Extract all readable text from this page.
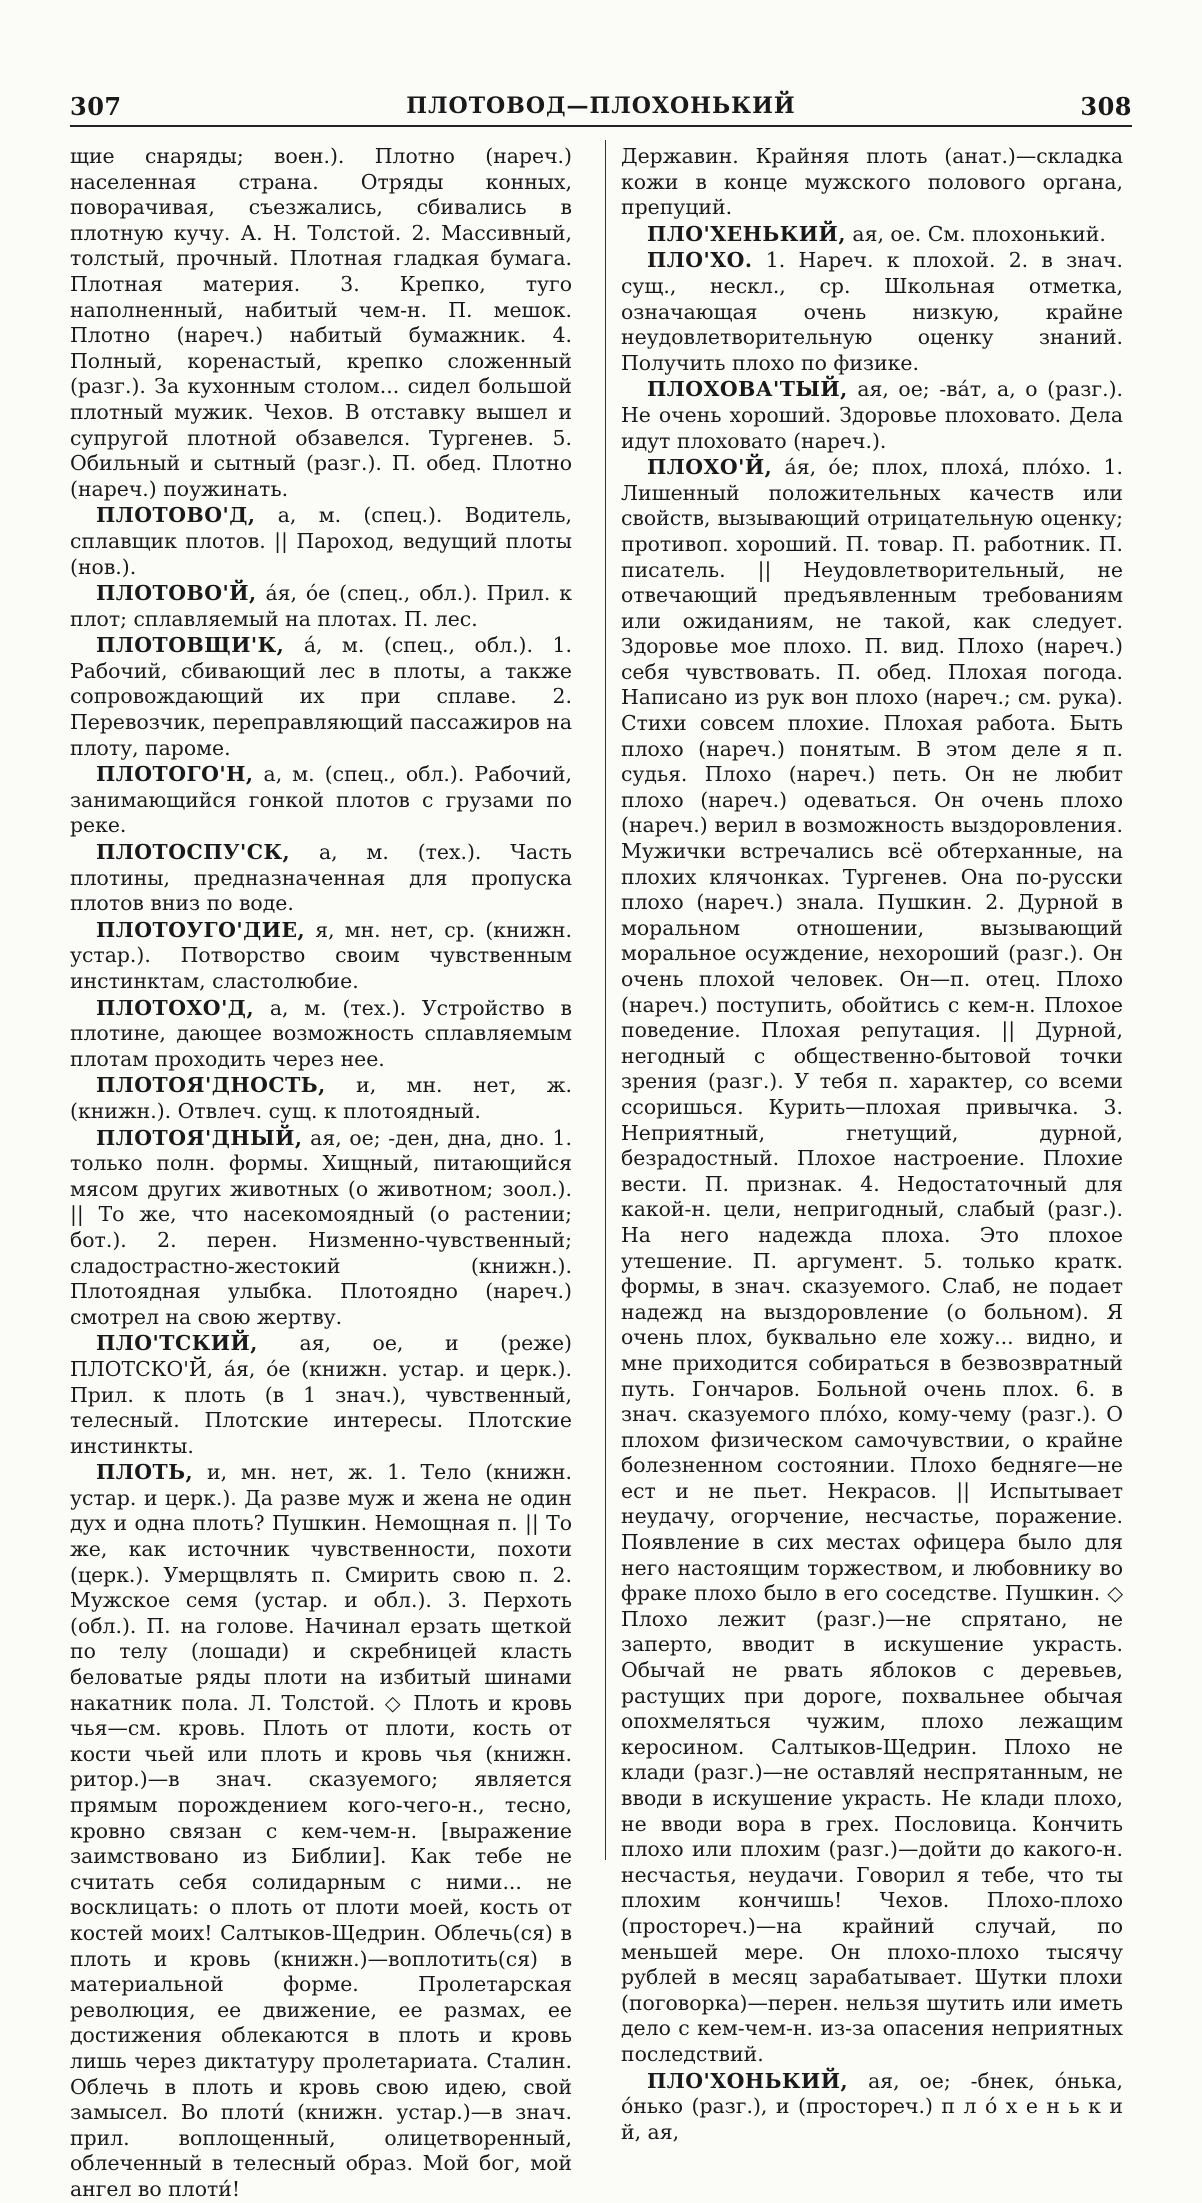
307	ПЛОТОВОД—ПЛОХОНЬКИЙ	308

щие снаряды; воен.). Плотно (нареч.) населенная страна. Отряды конных, поворачивая, съезжались, сбивались в плотную кучу. А. Н. Толстой. 2. Массивный, толстый, прочный. Плотная гладкая бумага. Плотная материя. 3. Крепко, туго наполненный, набитый чем-н. П. мешок. Плотно (нареч.) набитый бумажник. 4. Полный, коренастый, крепко сложенный (разг.). За кухонным столом... сидел большой плотный мужик. Чехов. В отставку вышел и супругой плотной обзавелся. Тургенев. 5. Обильный и сытный (разг.). П. обед. Плотно (нареч.) поужинать.

ПЛОТОВО'Д, а, м. (спец.). Водитель, сплавщик плотов. || Пароход, ведущий плоты (нов.).

ПЛОТОВО'Й, а́я, о́е (спец., обл.). Прил. к плот; сплавляемый на плотах. П. лес.

ПЛОТОВЩИ'К, а́, м. (спец., обл.). 1. Рабочий, сбивающий лес в плоты, а также сопровождающий их при сплаве. 2. Перевозчик, переправляющий пассажиров на плоту, пароме.

ПЛОТОГО'Н, а, м. (спец., обл.). Рабочий, занимающийся гонкой плотов с грузами по реке.

ПЛОТОСПУ'СК, а, м. (тех.). Часть плотины, предназначенная для пропуска плотов вниз по воде.

ПЛОТОУГО'ДИЕ, я, мн. нет, ср. (книжн. устар.). Потворство своим чувственным инстинктам, сластолюбие.

ПЛОТОХО'Д, а, м. (тех.). Устройство в плотине, дающее возможность сплавляемым плотам проходить через нее.

ПЛОТОЯ'ДНОСТЬ, и, мн. нет, ж. (книжн.). Отвлеч. сущ. к плотоядный.

ПЛОТОЯ'ДНЫЙ, ая, ое; -ден, дна, дно. 1. только полн. формы. Хищный, питающийся мясом других животных (о животном; зоол.). || То же, что насекомоядный (о растении; бот.). 2. перен. Низменно-чувственный; сладострастно-жестокий (книжн.). Плотоядная улыбка. Плотоядно (нареч.) смотрел на свою жертву.

ПЛО'ТСКИЙ, ая, ое, и (реже) ПЛОТСКО'Й, а́я, о́е (книжн. устар. и церк.). Прил. к плоть (в 1 знач.), чувственный, телесный. Плотские интересы. Плотские инстинкты.

ПЛОТЬ, и, мн. нет, ж. 1. Тело (книжн. устар. и церк.). Да разве муж и жена не один дух и одна плоть? Пушкин. Немощная п. || То же, как источник чувственности, похоти (церк.). Умерщвлять п. Смирить свою п. 2. Мужское семя (устар. и обл.). 3. Перхоть (обл.). П. на голове. Начинал ерзать щеткой по телу (лошади) и скребницей класть беловатые ряды плоти на избитый шинами накатник пола. Л. Толстой. ◇ Плоть и кровь чья—см. кровь. Плоть от плоти, кость от кости чьей или плоть и кровь чья (книжн. ритор.)—в знач. сказуемого; является прямым порождением кого-чего-н., тесно, кровно связан с кем-чем-н. [выражение заимствовано из Библии]. Как тебе не считать себя солидарным с ними... не восклицать: о плоть от плоти моей, кость от костей моих! Салтыков-Щедрин. Облечь(ся) в плоть и кровь (книжн.)—воплотить(ся) в материальной форме. Пролетарская революция, ее движение, ее размах, ее достижения облекаются в плоть и кровь лишь через диктатуру пролетариата. Сталин. Облечь в плоть и кровь свою идею, свой замысел. Во плоти́ (книжн. устар.)—в знач. прил. воплощенный, олицетворенный, облеченный в телесный образ. Мой бог, мой ангел во плоти́!

Державин. Крайняя плоть (анат.)—складка кожи в конце мужского полового органа, препуций.

ПЛО'ХЕНЬКИЙ, ая, ое. См. плохонький.

ПЛО'ХО. 1. Нареч. к плохой. 2. в знач. сущ., нескл., ср. Школьная отметка, означающая очень низкую, крайне неудовлетворительную оценку знаний. Получить плохо по физике.

ПЛОХОВА'ТЫЙ, ая, ое; -ва́т, а, о (разг.). Не очень хороший. Здоровье плоховато. Дела идут плоховато (нареч.).

ПЛОХО'Й, а́я, о́е; плох, плоха́, пло́хо. 1. Лишенный положительных качеств или свойств, вызывающий отрицательную оценку; противоп. хороший. П. товар. П. работник. П. писатель. || Неудовлетворительный, не отвечающий предъявленным требованиям или ожиданиям, не такой, как следует. Здоровье мое плохо. П. вид. Плохо (нареч.) себя чувствовать. П. обед. Плохая погода. Написано из рук вон плохо (нареч.; см. рука). Стихи совсем плохие. Плохая работа. Быть плохо (нареч.) понятым. В этом деле я п. судья. Плохо (нареч.) петь. Он не любит плохо (нареч.) одеваться. Он очень плохо (нареч.) верил в возможность выздоровления. Мужички встречались всё обтерханные, на плохих клячонках. Тургенев. Она по-русски плохо (нареч.) знала. Пушкин. 2. Дурной в моральном отношении, вызывающий моральное осуждение, нехороший (разг.). Он очень плохой человек. Он—п. отец. Плохо (нареч.) поступить, обойтись с кем-н. Плохое поведение. Плохая репутация. || Дурной, негодный с общественно-бытовой точки зрения (разг.). У тебя п. характер, со всеми ссоришься. Курить—плохая привычка. 3. Неприятный, гнетущий, дурной, безрадостный. Плохое настроение. Плохие вести. П. признак. 4. Недостаточный для какой-н. цели, непригодный, слабый (разг.). На него надежда плоха. Это плохое утешение. П. аргумент. 5. только кратк. формы, в знач. сказуемого. Слаб, не подает надежд на выздоровление (о больном). Я очень плох, буквально еле хожу... видно, и мне приходится собираться в безвозвратный путь. Гончаров. Больной очень плох. 6. в знач. сказуемого пло́хо, кому-чему (разг.). О плохом физическом самочувствии, о крайне болезненном состоянии. Плохо бедняге—не ест и не пьет. Некрасов. || Испытывает неудачу, огорчение, несчастье, поражение. Появление в сих местах офицера было для него настоящим торжеством, и любовнику во фраке плохо было в его соседстве. Пушкин. ◇ Плохо лежит (разг.)—не спрятано, не заперто, вводит в искушение украсть. Обычай не рвать яблоков с деревьев, растущих при дороге, похвальнее обычая опохмеляться чужим, плохо лежащим керосином. Салтыков-Щедрин. Плохо не клади (разг.)—не оставляй неспрятанным, не вводи в искушение украсть. Не клади плохо, не вводи вора в грех. Пословица. Кончить плохо или плохим (разг.)—дойти до какого-н. несчастья, неудачи. Говорил я тебе, что ты плохим кончишь! Чехов. Плохо-плохо (простореч.)—на крайний случай, по меньшей мере. Он плохо-плохо тысячу рублей в месяц зарабатывает. Шутки плохи (поговорка)—перен. нельзя шутить или иметь дело с кем-чем-н. из-за опасения неприятных последствий.

ПЛО'ХОНЬКИЙ, ая, ое; -бнек, о́нька, о́нько (разг.), и (простореч.) п л о́ х е н ь к и й, ая,
